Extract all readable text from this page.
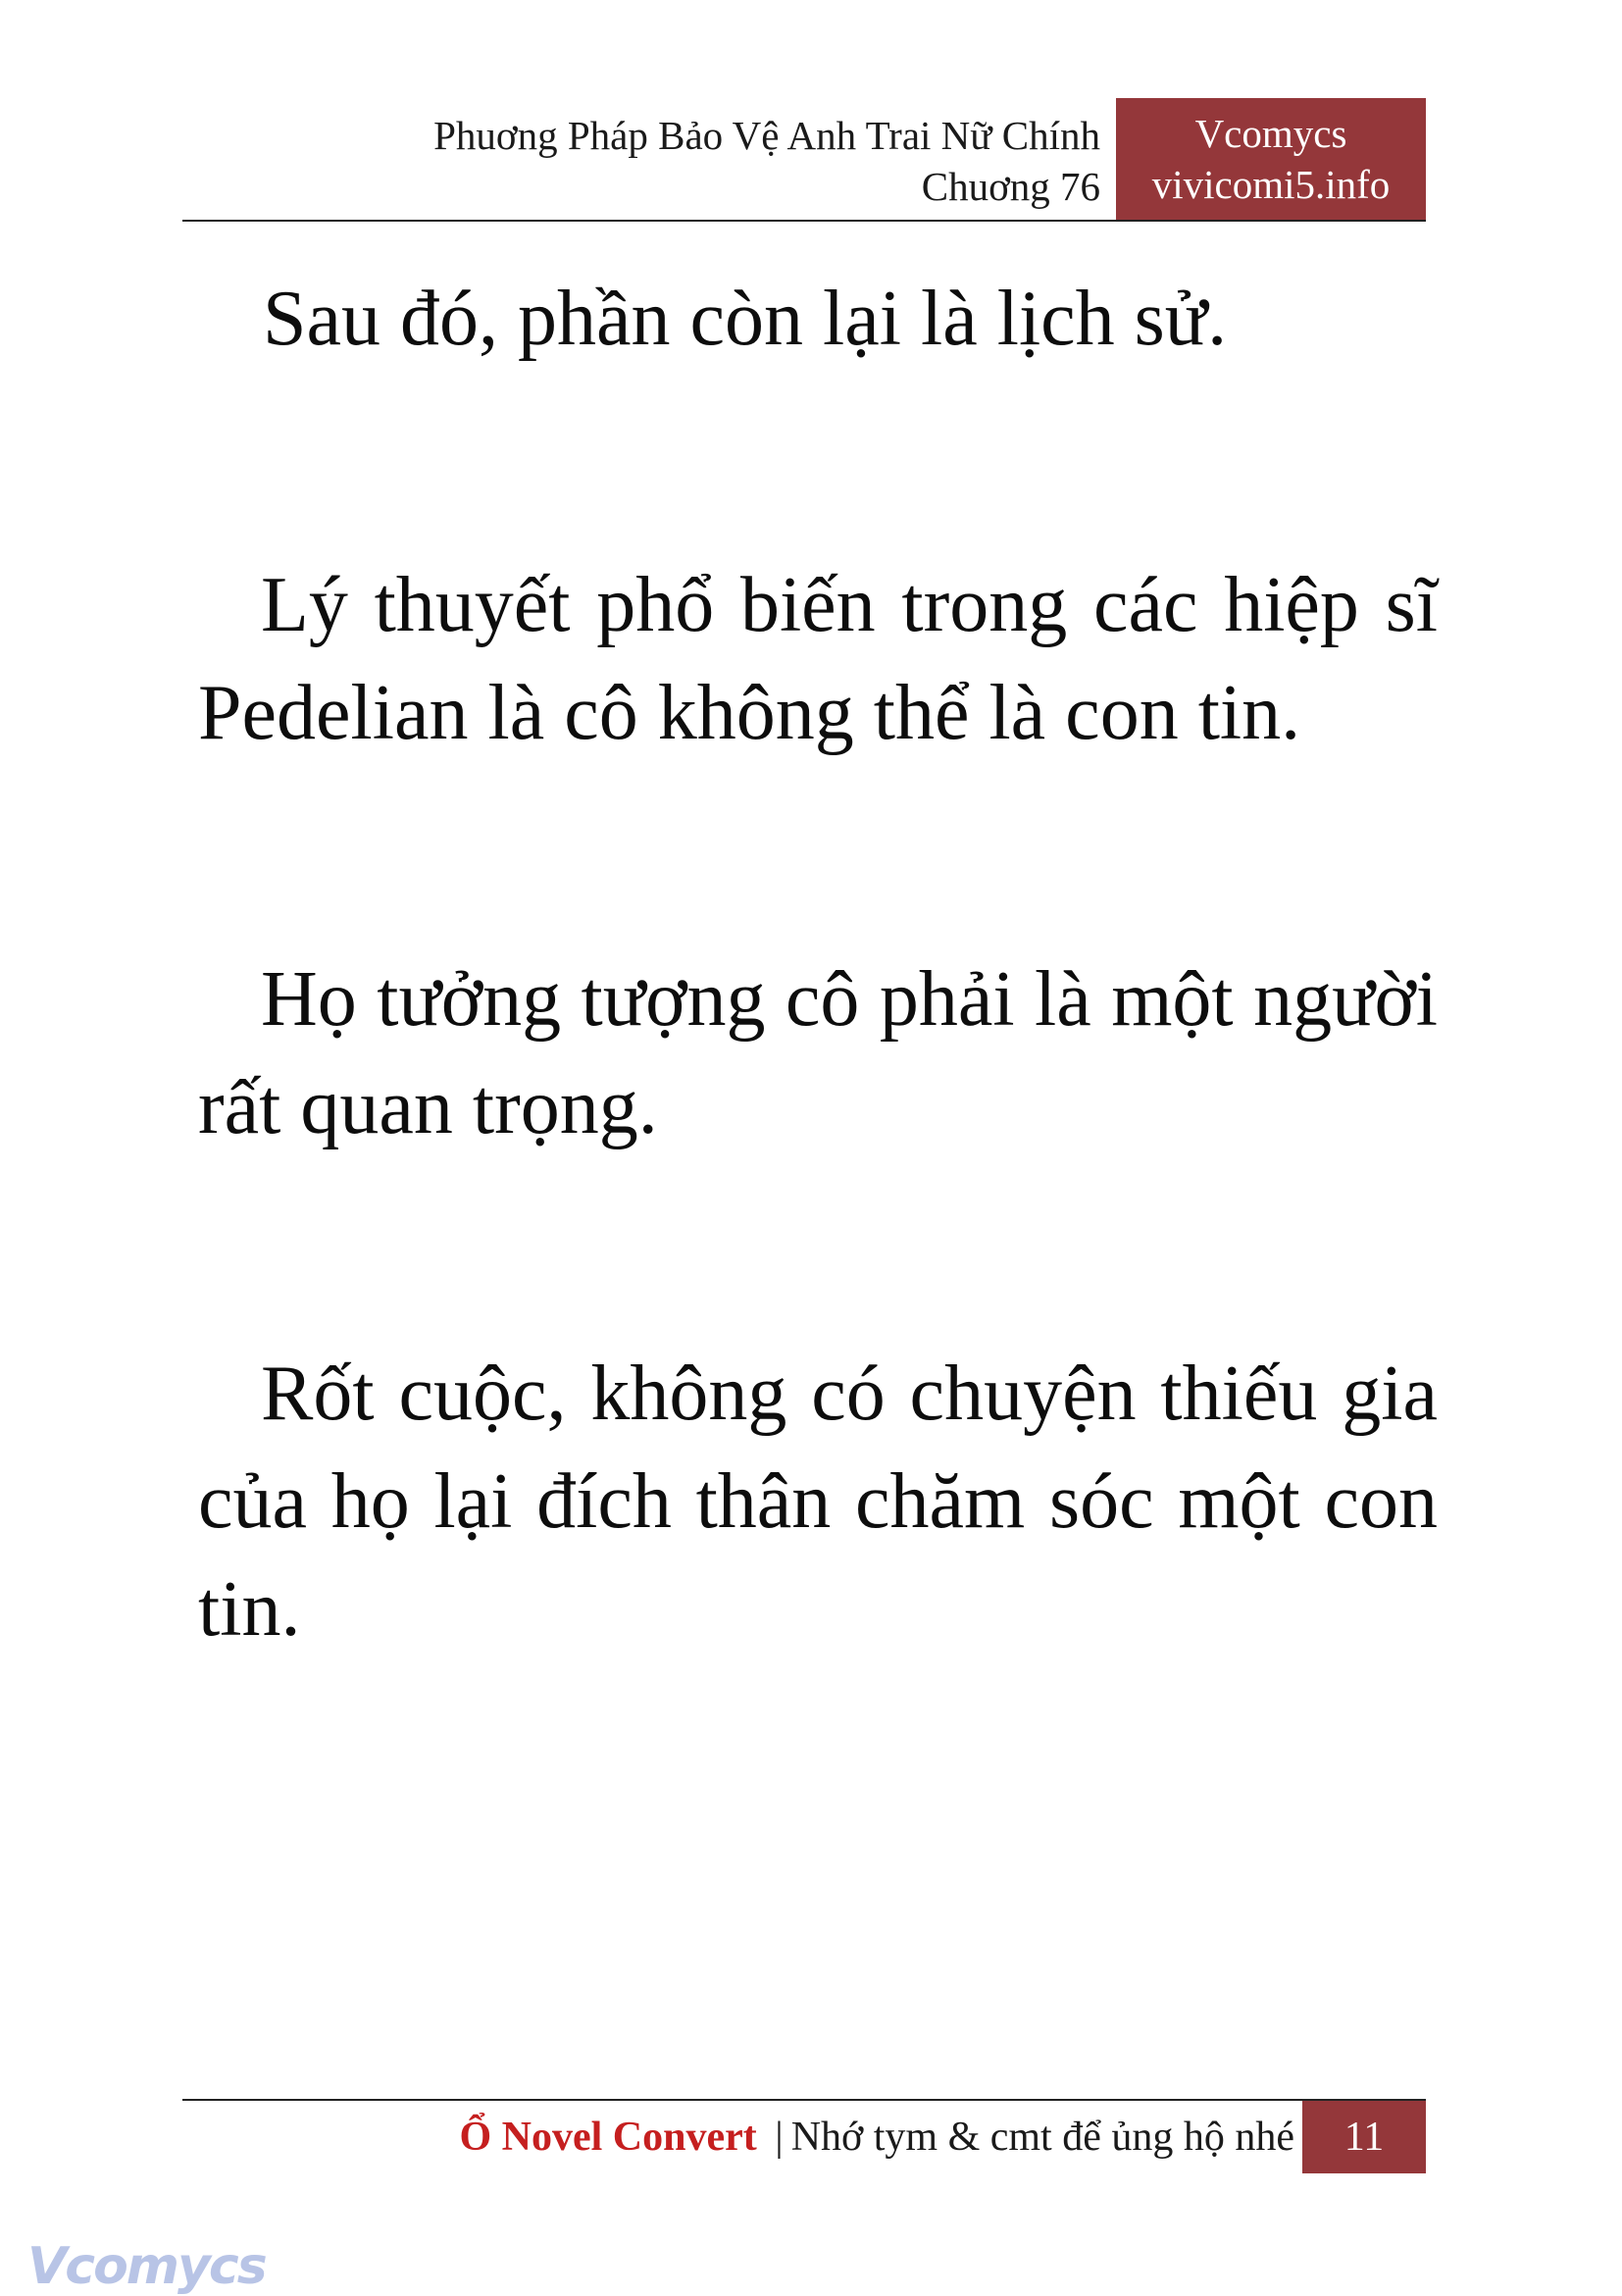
Phuơng Pháp Bảo Vệ Anh Trai Nữ Chính
Chuơng 76
Vcomycs
vivicomi5.info

Sau đó, phần còn lại là lịch sử.

Lý thuyết phổ biến trong các hiệp sĩ Pedelian là cô không thể là con tin.

Họ tưởng tượng cô phải là một người rất quan trọng.

Rốt cuộc, không có chuyện thiếu gia của họ lại đích thân chăm sóc một con tin.

Ổ Novel Convert | Nhớ tym & cmt để ủng hộ nhé	11
Vcomycs
